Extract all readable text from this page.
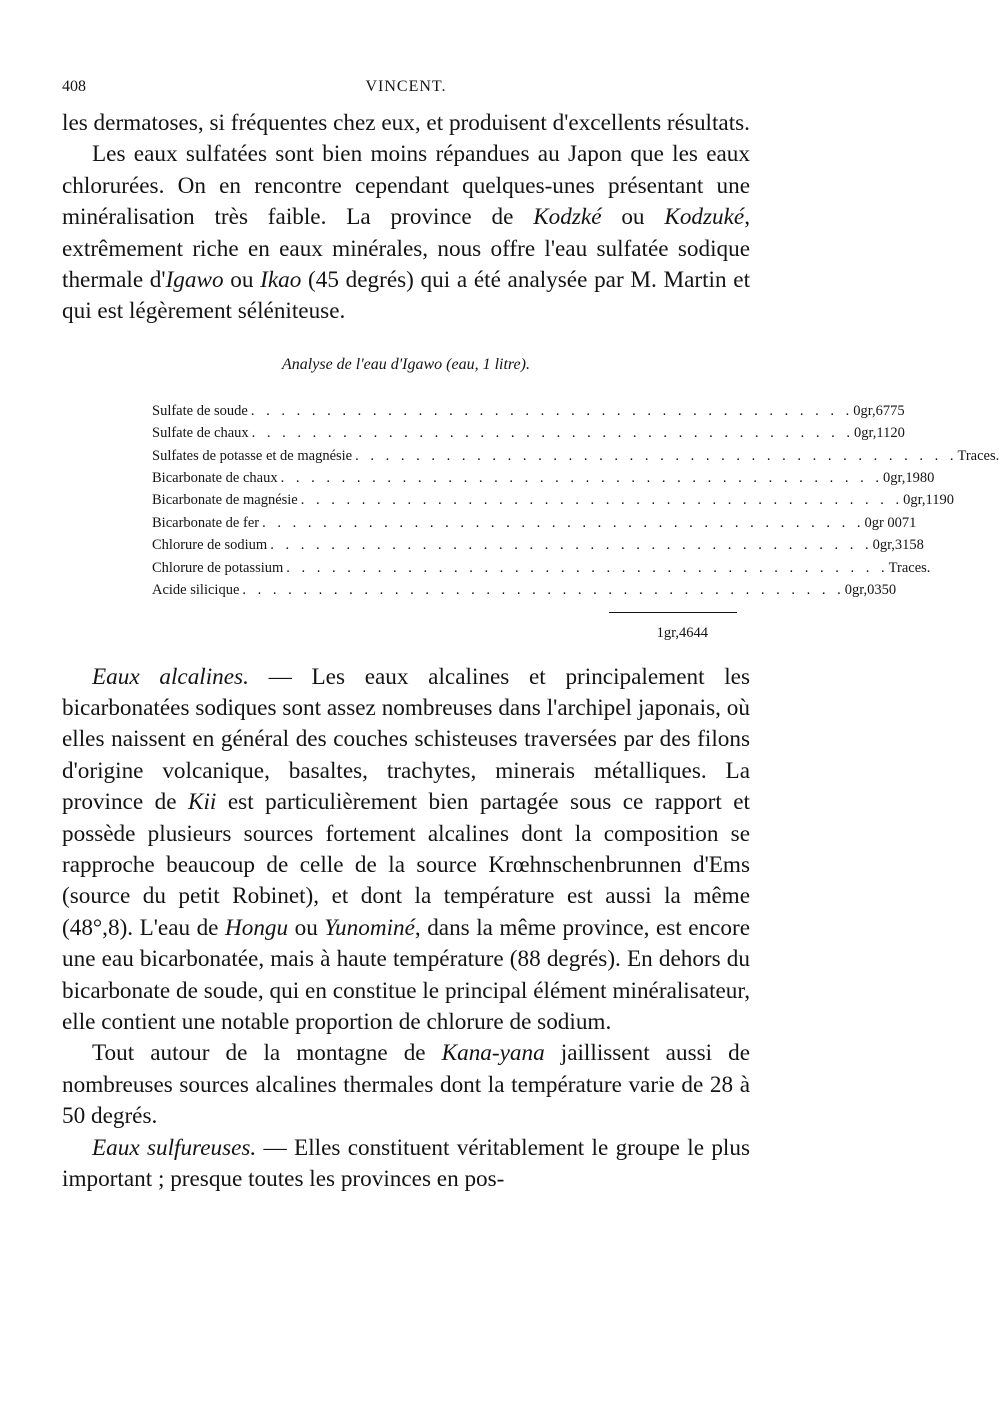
408	VINCENT.

les dermatoses, si fréquentes chez eux, et produisent d'excellents résultats.

Les eaux sulfatées sont bien moins répandues au Japon que les eaux chlorurées. On en rencontre cependant quelques-unes présentant une minéralisation très faible. La province de Kodzké ou Kodzuké, extrêmement riche en eaux minérales, nous offre l'eau sulfatée sodique thermale d'Igawo ou Ikao (45 degrés) qui a été analysée par M. Martin et qui est légèrement séléniteuse.

Analyse de l'eau d'Igawo (eau, 1 litre).
Sulfate de soude . . . . . . . . . . . . . . . . . . . . . . . . . . . . . . . . . . . . . . . . 0gr,6775
Sulfate de chaux . . . . . . . . . . . . . . . . . . . . . . . . . . . . . . . . . . . . . . . . 0gr,1120
Sulfates de potasse et de magnésie . . . . . . . . . . . . . . . . . . . . . . . . . . . . . . . . . . . . . . . . Traces.
Bicarbonate de chaux . . . . . . . . . . . . . . . . . . . . . . . . . . . . . . . . . . . . . . . . 0gr,1980
Bicarbonate de magnésie . . . . . . . . . . . . . . . . . . . . . . . . . . . . . . . . . . . . . . . . 0gr,1190
Bicarbonate de fer . . . . . . . . . . . . . . . . . . . . . . . . . . . . . . . . . . . . . . . . 0gr 0071
Chlorure de sodium . . . . . . . . . . . . . . . . . . . . . . . . . . . . . . . . . . . . . . . . 0gr,3158
Chlorure de potassium . . . . . . . . . . . . . . . . . . . . . . . . . . . . . . . . . . . . . . . . Traces.
Acide silicique . . . . . . . . . . . . . . . . . . . . . . . . . . . . . . . . . . . . . . . . 0gr,0350
1gr,4644

Eaux alcalines. — Les eaux alcalines et principalement les bicarbonatées sodiques sont assez nombreuses dans l'archipel japonais, où elles naissent en général des couches schisteuses traversées par des filons d'origine volcanique, basaltes, trachytes, minerais métalliques. La province de Kii est particulièrement bien partagée sous ce rapport et possède plusieurs sources fortement alcalines dont la composition se rapproche beaucoup de celle de la source Krœhnschenbrunnen d'Ems (source du petit Robinet), et dont la température est aussi la même (48°,8). L'eau de Hongu ou Yunominé, dans la même province, est encore une eau bicarbonatée, mais à haute température (88 degrés). En dehors du bicarbonate de soude, qui en constitue le principal élément minéralisateur, elle contient une notable proportion de chlorure de sodium.

Tout autour de la montagne de Kana-yana jaillissent aussi de nombreuses sources alcalines thermales dont la température varie de 28 à 50 degrés.

Eaux sulfureuses. — Elles constituent véritablement le groupe le plus important ; presque toutes les provinces en pos-
